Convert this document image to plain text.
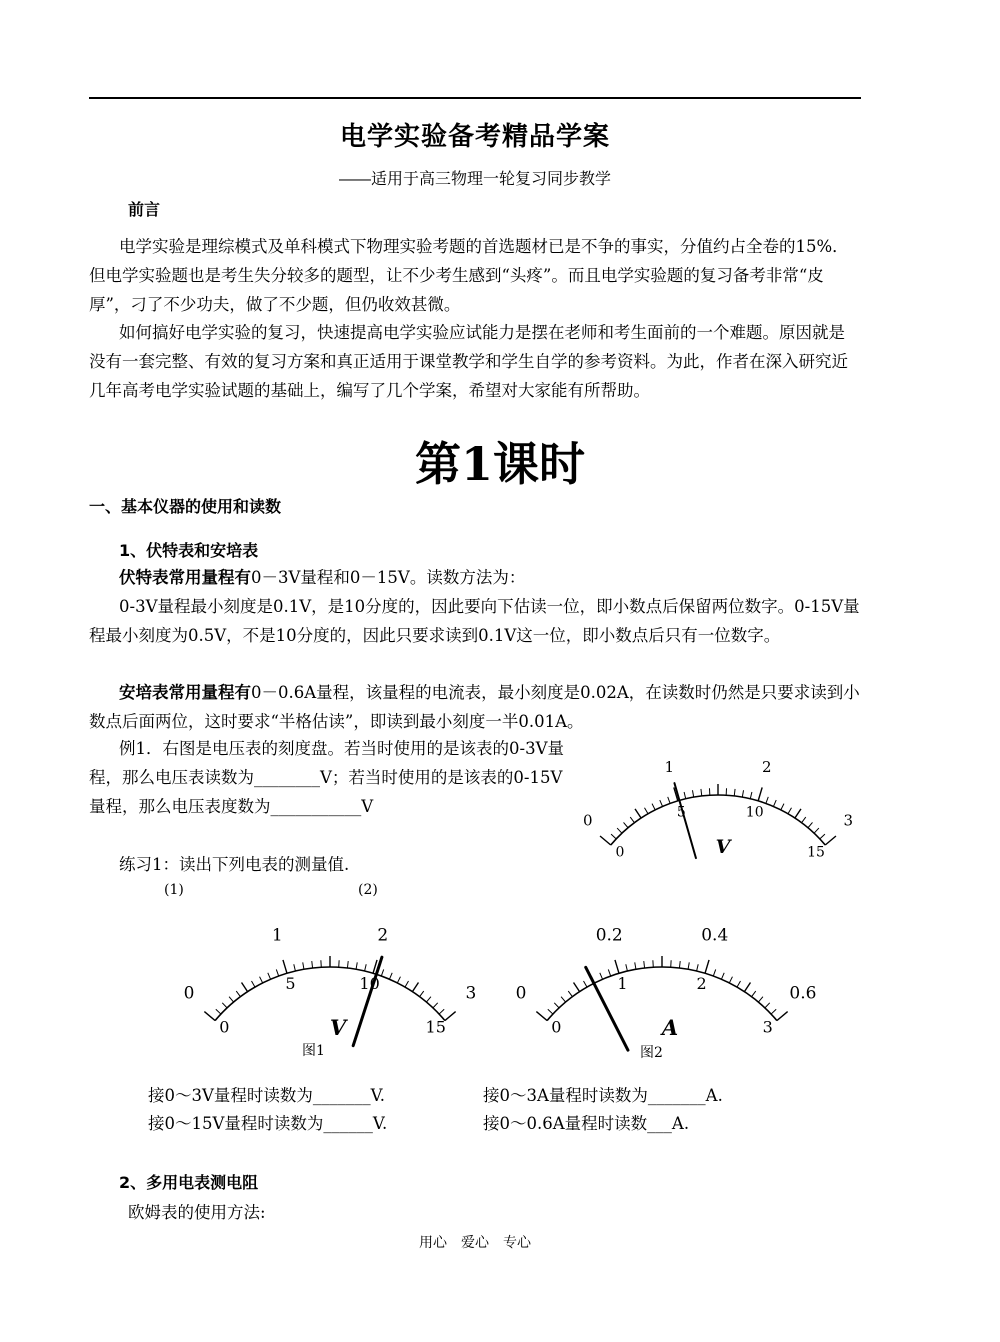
电学实验备考精品学案
――适用于高三物理一轮复习同步教学
前言
电学实验是理综模式及单科模式下物理实验考题的首选题材已是不争的事实，分值约占全卷的15%．但电学实验题也是考生失分较多的题型，让不少考生感到“头疼”。而且电学实验题的复习备考非常“皮厚”，刁了不少功夫，做了不少题，但仍收效甚微。
如何搞好电学实验的复习，快速提高电学实验应试能力是摆在老师和考生面前的一个难题。原因就是没有一套完整、有效的复习方案和真正适用于课堂教学和学生自学的参考资料。为此，作者在深入研究近几年高考电学实验试题的基础上，编写了几个学案，希望对大家能有所帮助。
第1课时
一、基本仪器的使用和读数
1、伏特表和安培表
伏特表常用量程有0－3V量程和0－15V。读数方法为：
0-3V量程最小刻度是0.1V，是10分度的，因此要向下估读一位，即小数点后保留两位数字。0-15V量程最小刻度为0.5V，不是10分度的，因此只要求读到0.1V这一位，即小数点后只有一位数字。
安培表常用量程有0－0.6A量程，该量程的电流表，最小刻度是0.02A，在读数时仍然是只要求读到小数点后面两位，这时要求“半格估读”，即读到最小刻度一半0.01A。
例1．右图是电压表的刻度盘。若当时使用的是该表的0-3V量程，那么电压表读数为________V；若当时使用的是该表的0-15V量程，那么电压表度数为___________V
练习1：读出下列电表的测量值.
(1)	(2)
0
1	2
3
0
5	10
15
V
0
1	2
3
0
5	10
15
V
0
0.2	0.4
0.6
0
1	2
3
A
图1	图2
接0～3V量程时读数为_______V.
接0～15V量程时读数为______V.
接0～3A量程时读数为_______A.
接0～0.6A量程时读数___A.
2、多用电表测电阻
欧姆表的使用方法:
用心　爱心　专心
